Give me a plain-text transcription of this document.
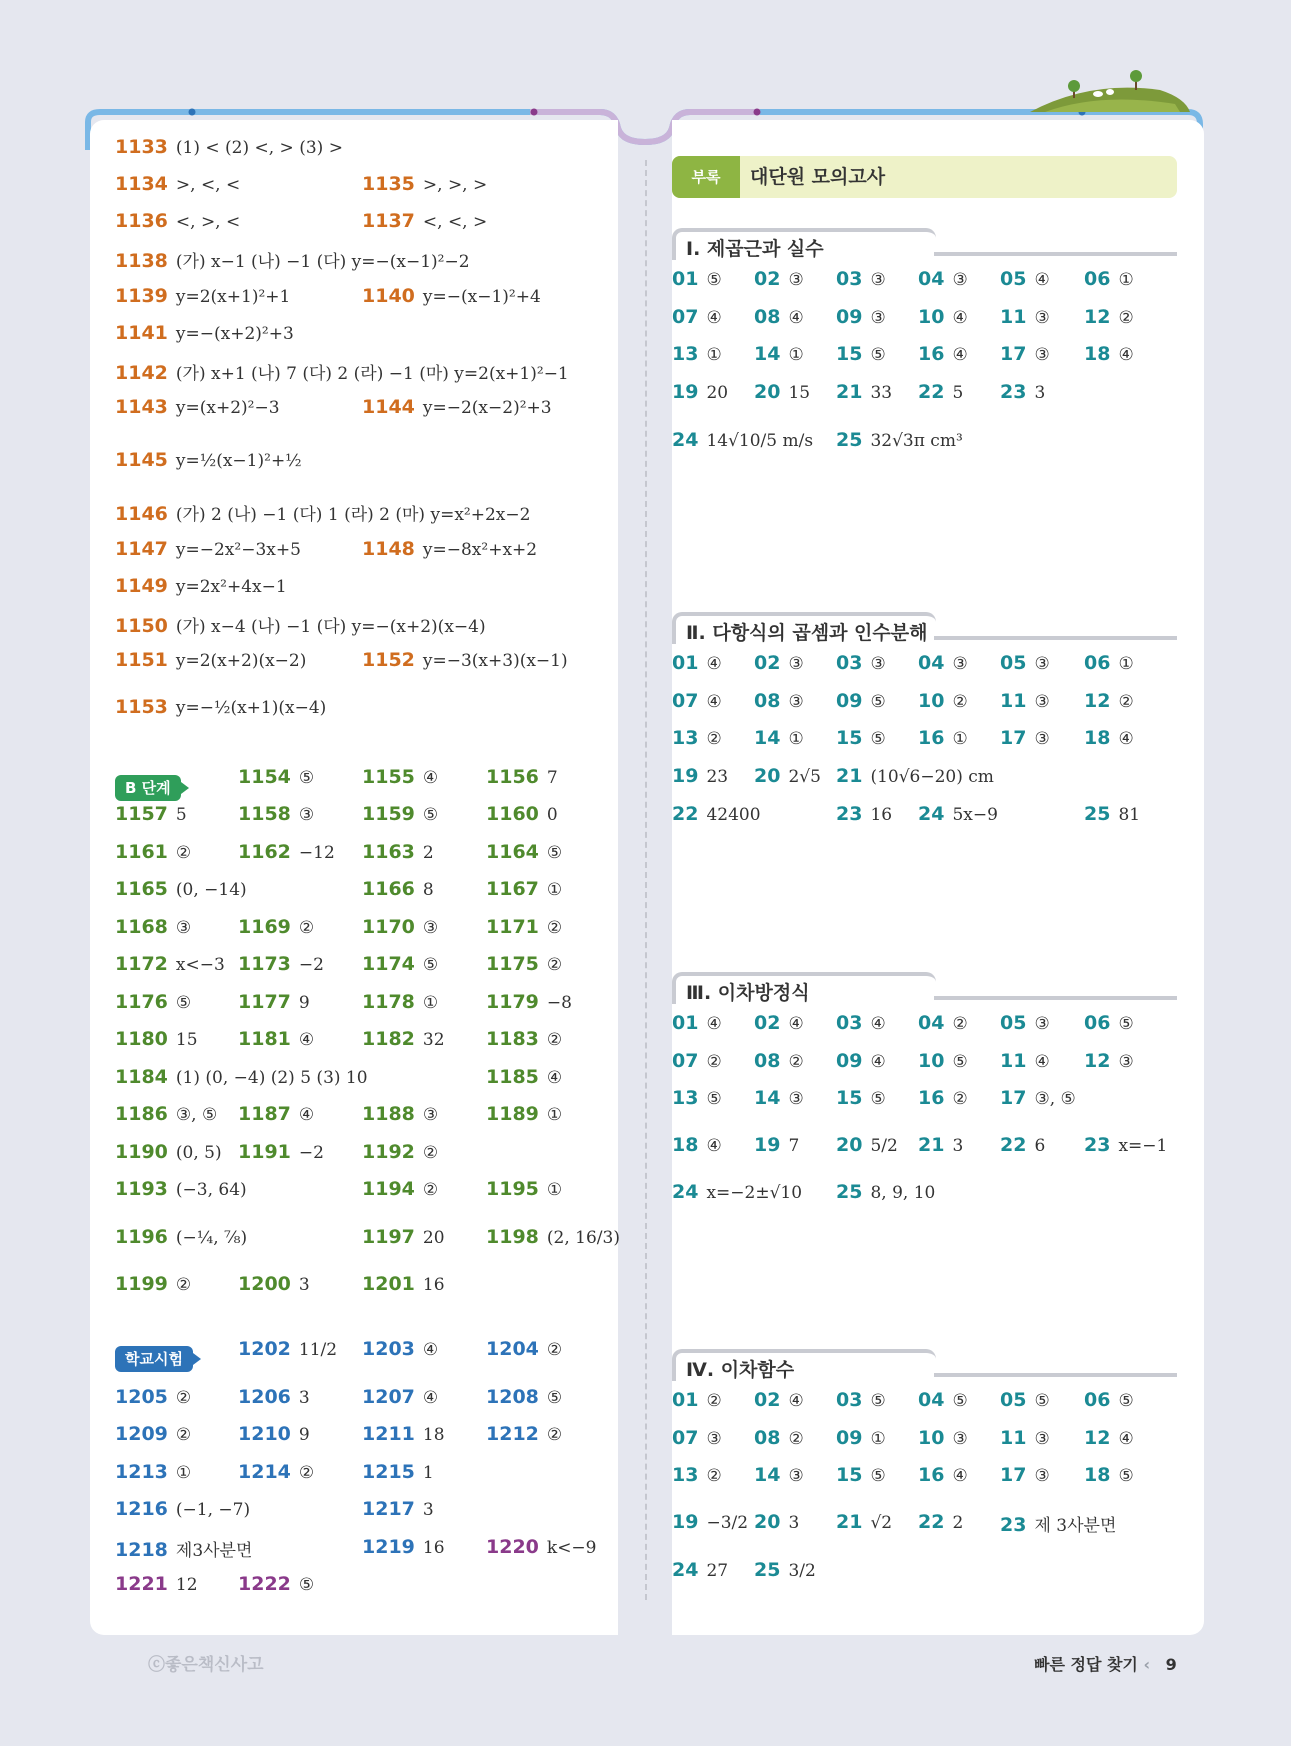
1133 (1) < (2) <, > (3) >
1134 >, <, <	1135 >, >, >
1136 <, >, <	1137 <, <, >
1138 (가) x−1 (나) −1 (다) y=−(x−1)²−2
1139 y=2(x+1)²+1	1140 y=−(x−1)²+4
1141 y=−(x+2)²+3
1142 (가) x+1 (나) 7 (다) 2 (라) −1 (마) y=2(x+1)²−1
1143 y=(x+2)²−3	1144 y=−2(x−2)²+3
1145 y=½(x−1)²+½
1146 (가) 2 (나) −1 (다) 1 (라) 2 (마) y=x²+2x−2
1147 y=−2x²−3x+5	1148 y=−8x²+x+2
1149 y=2x²+4x−1
1150 (가) x−4 (나) −1 (다) y=−(x+2)(x−4)
1151 y=2(x+2)(x−2)	1152 y=−3(x+3)(x−1)
1153 y=−½(x+1)(x−4)
1154 ⑤	1155 ④	1156 7
1157 5	1158 ③	1159 ⑤	1160 0
1161 ② 1162 −12 1163 2	1164 ⑤
1165 (0, −14)	1166 8	1167 ①
1168 ③ 1169 ②	1170 ③	1171 ②
1172 x<−3 1173 −2 1174 ⑤	1175 ②
1176 ⑤ 1177 9	1178 ①	1179 −8
1180 15 1181 ④	1182 32 1183 ②
1184 (1) (0, −4) (2) 5 (3) 10	1185 ④
1186 ③, ⑤ 1187 ④	1188 ③	1189 ①
1190 (0, 5) 1191 −2 1192 ②
1193 (−3, 64)	1194 ②	1195 ①
1196 (−¼, ⅞)	1197 20 1198 (2, 16/3)
1199 ② 1200 3	1201 16
1202 11/2 1203 ④	1204 ②
1205 ② 1206 3	1207 ④	1208 ⑤
1209 ② 1210 9	1211 18 1212 ②
1213 ① 1214 ②	1215 1
1216 (−1, −7)	1217 3
1218 제3사분면	1219 16 1220 k<−9
1221 12 1222 ⑤
B 단계
학교시험
부록	대단원 모의고사
Ⅰ. 제곱근과 실수
01 ⑤ 02 ③ 03 ③ 04 ③ 05 ④ 06 ①
07 ④ 08 ④ 09 ③ 10 ④ 11 ③ 12 ②
13 ① 14 ① 15 ⑤ 16 ④ 17 ③ 18 ④
19 20 20 15 21 33 22 5 23 3
24 14√10/5 m/s 25 32√3π cm³
Ⅱ. 다항식의 곱셈과 인수분해
01 ④ 02 ③ 03 ③ 04 ③ 05 ③ 06 ①
07 ④ 08 ③ 09 ⑤ 10 ② 11 ③ 12 ②
13 ② 14 ① 15 ⑤ 16 ① 17 ③ 18 ④
19 23 20 2√5 21 (10√6−20) cm
22 42400	23 16 24 5x−9	25 81
Ⅲ. 이차방정식
01 ④ 02 ④ 03 ④ 04 ② 05 ③ 06 ⑤
07 ② 08 ② 09 ④ 10 ⑤ 11 ④ 12 ③
13 ⑤ 14 ③ 15 ⑤ 16 ② 17 ③, ⑤
18 ④ 19 7 20 5/2 21 3 22 6 23 x=−1
24 x=−2±√10 25 8, 9, 10
Ⅳ. 이차함수
01 ② 02 ④ 03 ⑤ 04 ⑤ 05 ⑤ 06 ⑤
07 ③ 08 ② 09 ① 10 ③ 11 ③ 12 ④
13 ② 14 ③ 15 ⑤ 16 ④ 17 ③ 18 ⑤
19 −3/2 20 3 21 √2 22 2 23 제 3사분면
24 27 25 3/2
ⓒ좋은책신사고	빠른 정답 찾기 ‹ 9
